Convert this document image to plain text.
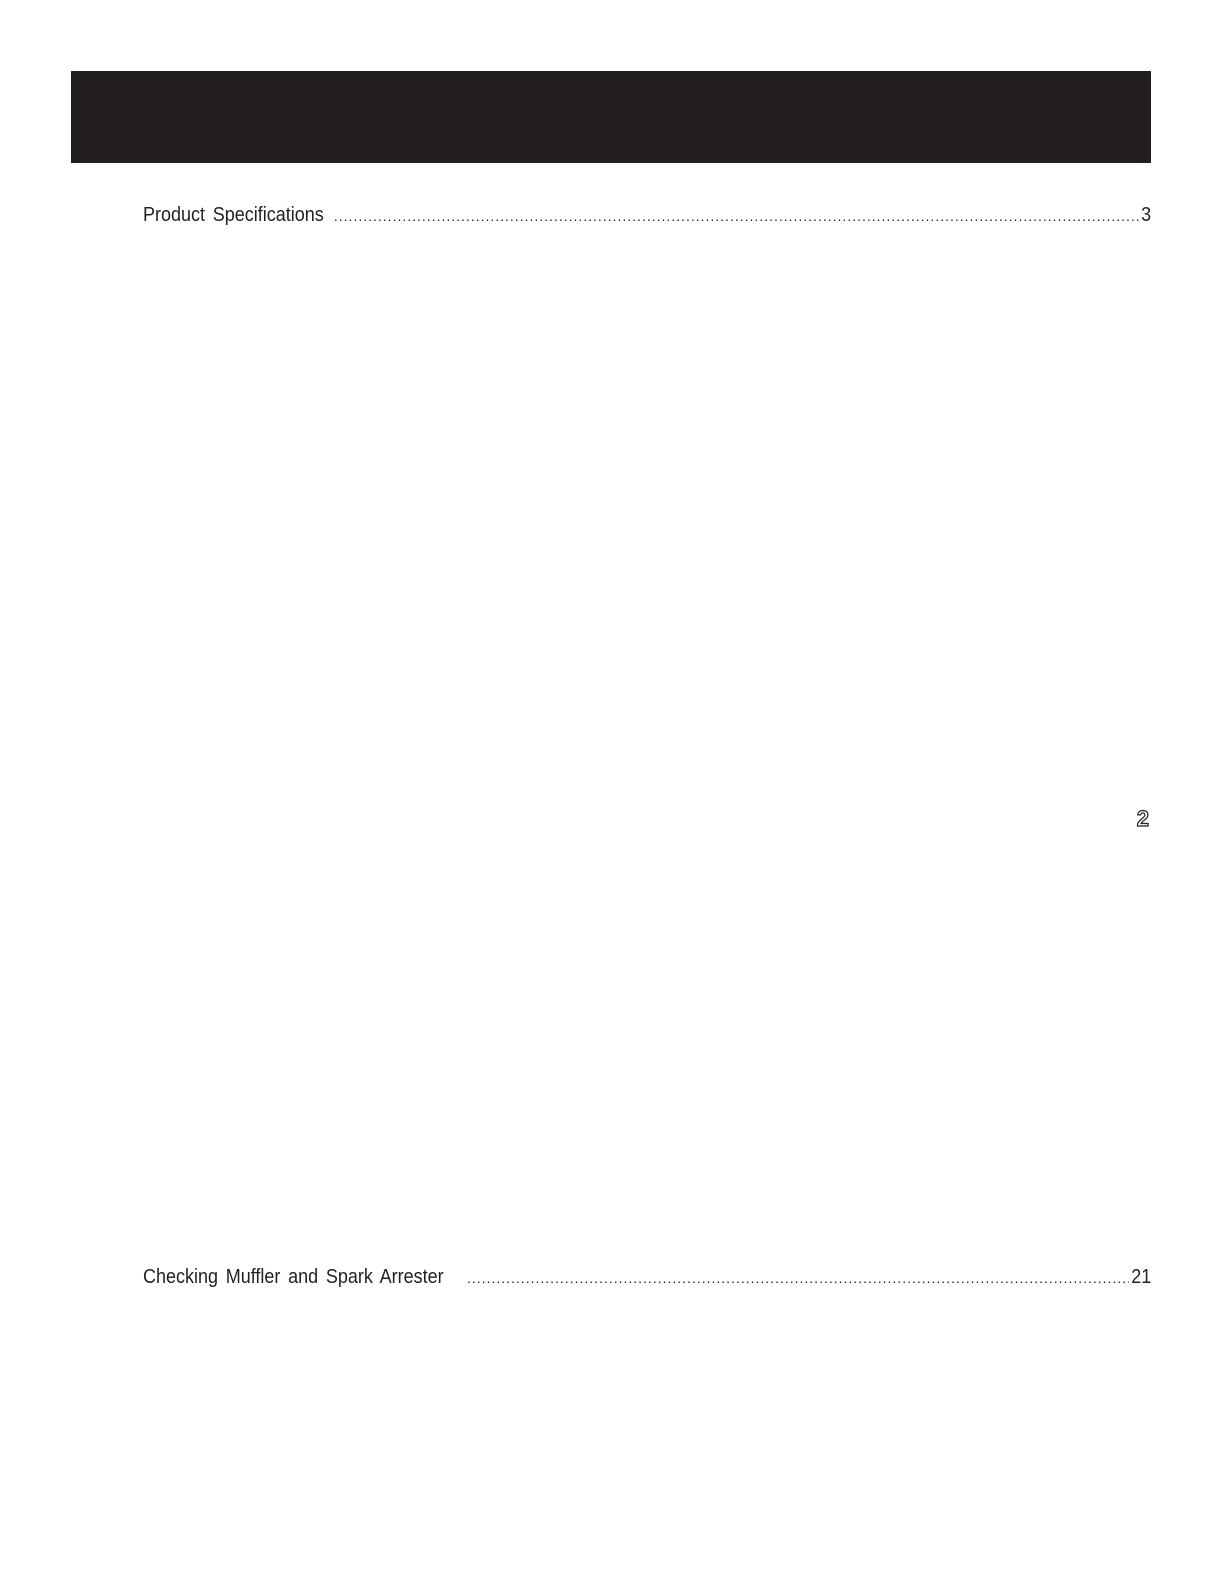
Product Specifications .....	3
Checking Muffler and Spark Arrester .....	21
2
